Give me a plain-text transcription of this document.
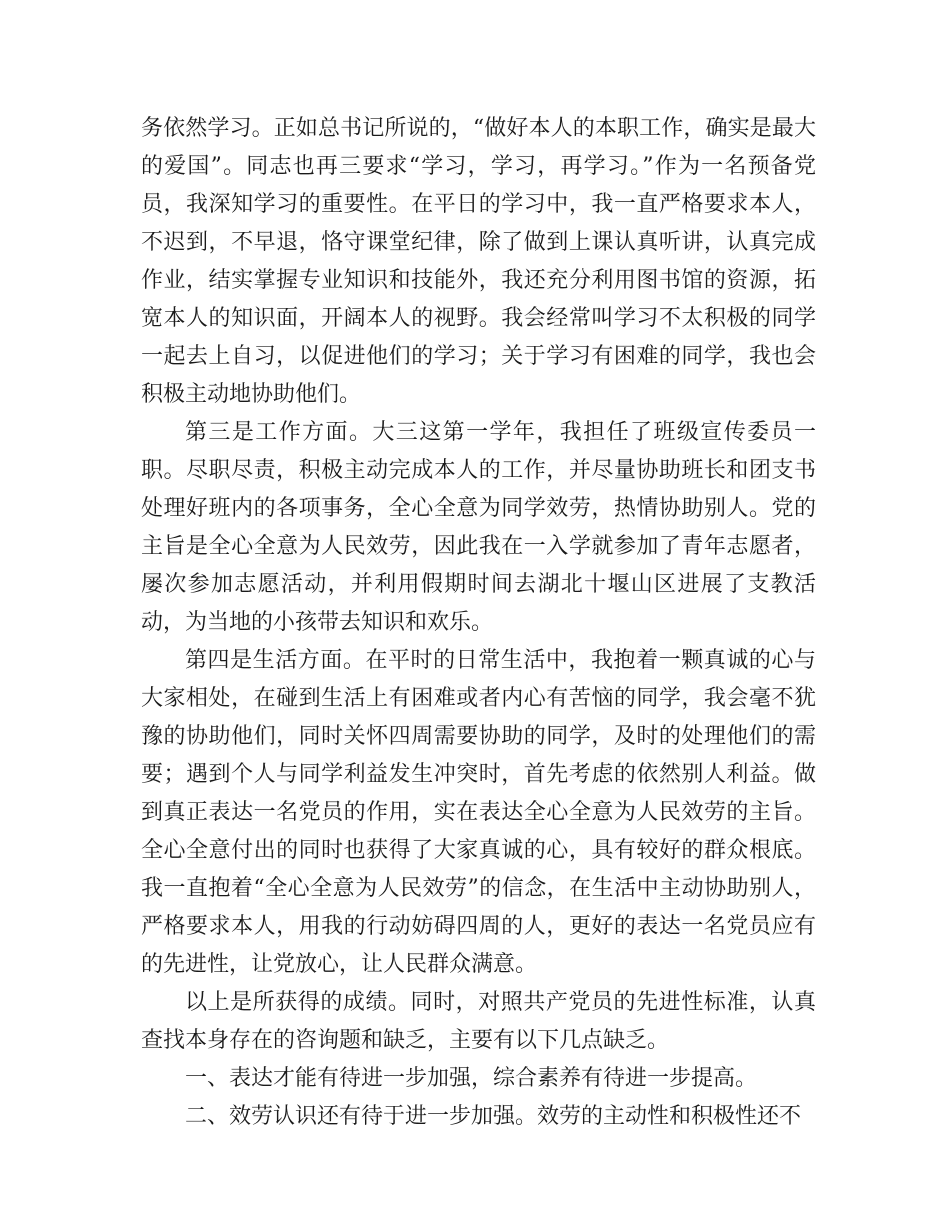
务依然学习。正如总书记所说的，“做好本人的本职工作，确实是最大的爱国”。同志也再三要求“学习，学习，再学习。”作为一名预备党员，我深知学习的重要性。在平日的学习中，我一直严格要求本人，不迟到，不早退，恪守课堂纪律，除了做到上课认真听讲，认真完成作业，结实掌握专业知识和技能外，我还充分利用图书馆的资源，拓宽本人的知识面，开阔本人的视野。我会经常叫学习不太积极的同学一起去上自习，以促进他们的学习；关于学习有困难的同学，我也会积极主动地协助他们。

第三是工作方面。大三这第一学年，我担任了班级宣传委员一职。尽职尽责，积极主动完成本人的工作，并尽量协助班长和团支书处理好班内的各项事务，全心全意为同学效劳，热情协助别人。党的主旨是全心全意为人民效劳，因此我在一入学就参加了青年志愿者，屡次参加志愿活动，并利用假期时间去湖北十堰山区进展了支教活动，为当地的小孩带去知识和欢乐。

第四是生活方面。在平时的日常生活中，我抱着一颗真诚的心与大家相处，在碰到生活上有困难或者内心有苦恼的同学，我会毫不犹豫的协助他们，同时关怀四周需要协助的同学，及时的处理他们的需要；遇到个人与同学利益发生冲突时，首先考虑的依然别人利益。做到真正表达一名党员的作用，实在表达全心全意为人民效劳的主旨。全心全意付出的同时也获得了大家真诚的心，具有较好的群众根底。我一直抱着“全心全意为人民效劳”的信念，在生活中主动协助别人，严格要求本人，用我的行动妨碍四周的人，更好的表达一名党员应有的先进性，让党放心，让人民群众满意。

以上是所获得的成绩。同时，对照共产党员的先进性标准，认真查找本身存在的咨询题和缺乏，主要有以下几点缺乏。

一、表达才能有待进一步加强，综合素养有待进一步提高。

二、效劳认识还有待于进一步加强。效劳的主动性和积极性还不
